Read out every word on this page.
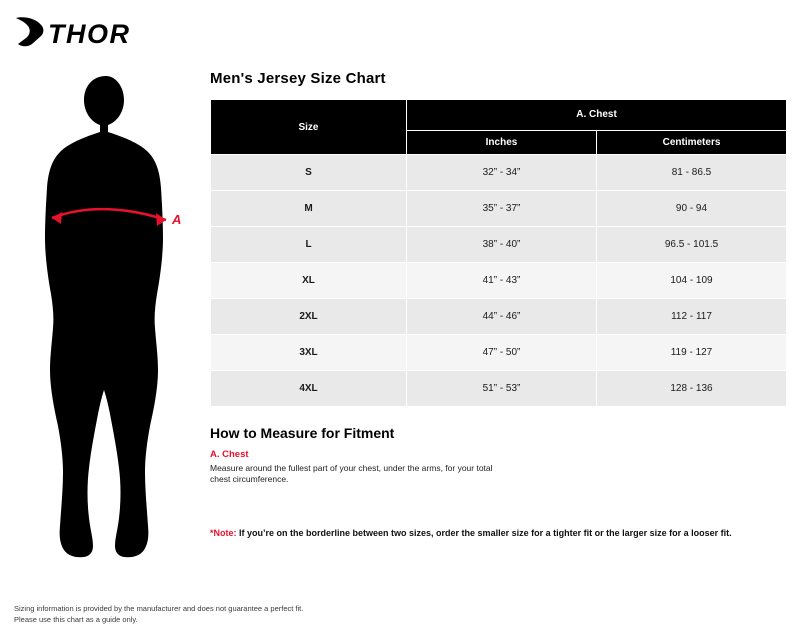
THOR
A
Men's Jersey Size Chart
Size	A. Chest	
	Inches	Centimeters
S	32” - 34”	81 - 86.5
M	35” - 37”	90 - 94
L	38” - 40”	96.5 - 101.5
XL	41” - 43”	104 - 109
2XL	44” - 46”	112 - 117
3XL	47” - 50”	119 - 127
4XL	51” - 53”	128 - 136
How to Measure for Fitment

A. Chest

Measure around the fullest part of your chest, under the arms, for your total

chest circumference.

*Note: If you’re on the borderline between two sizes, order the smaller size for a tighter fit or the larger size for a looser fit.
Sizing information is provided by the manufacturer and does not guarantee a perfect fit.
Please use this chart as a guide only.
